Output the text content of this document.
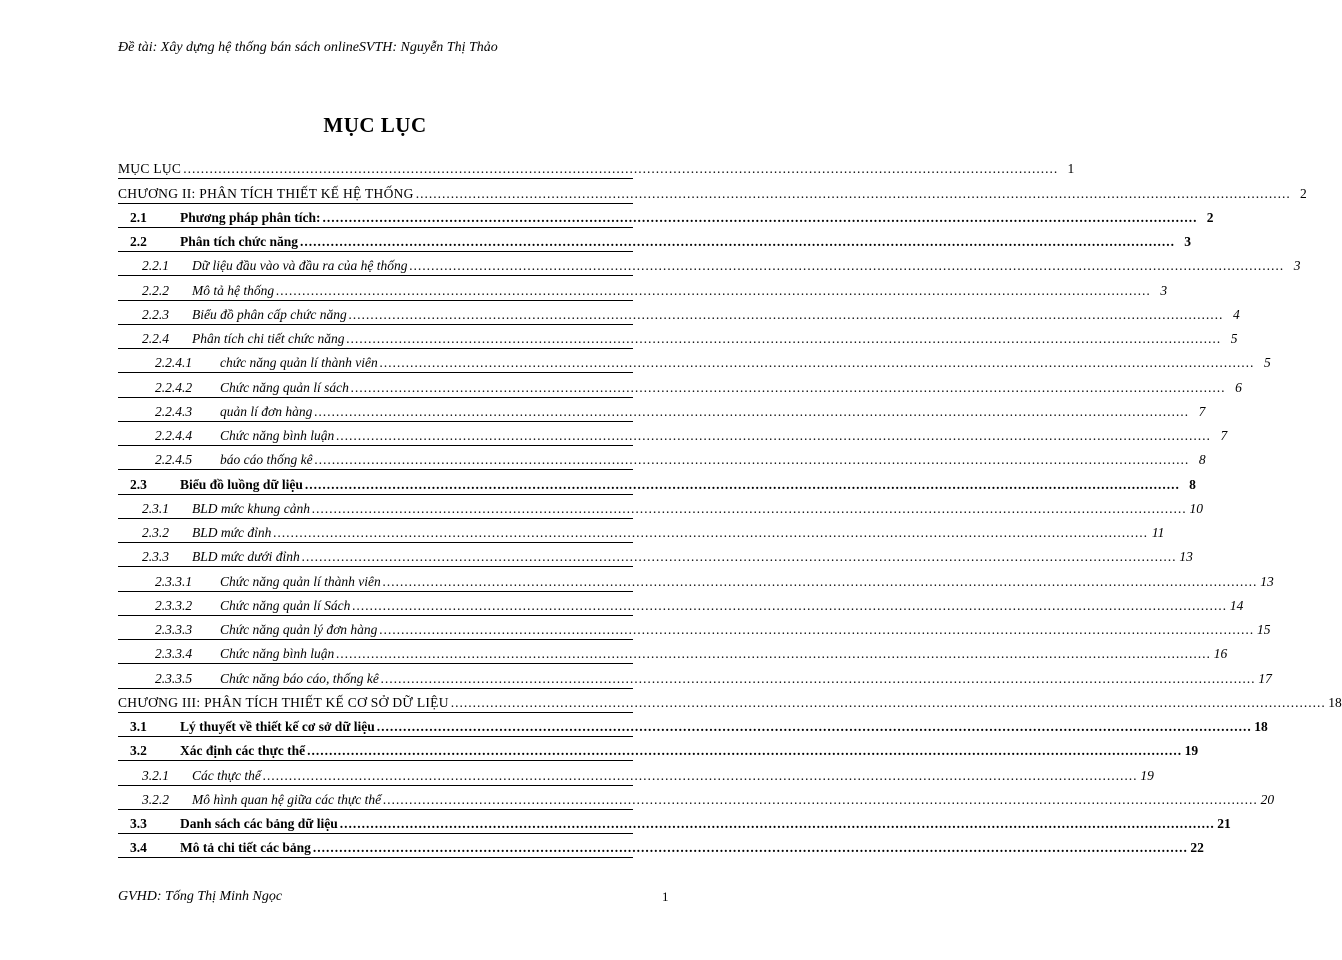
Đề tài: Xây dựng hệ thống bán sách onlineSVTH: Nguyễn Thị Thảo
MỤC LỤC
MỤC LỤC ........................................................................................................................................................................................................ 1
CHƯƠNG II: PHÂN TÍCH THIẾT KẾ HỆ THỐNG ........................................................................................................................................................................................................ 2
2.1	Phương pháp phân tích: ........................................................................................................................................................................................................ 2
2.2	Phân tích chức năng ........................................................................................................................................................................................................ 3
2.2.1	Dữ liệu đầu vào và đầu ra của hệ thống ........................................................................................................................................................................................................ 3
2.2.2	Mô tả hệ thống ........................................................................................................................................................................................................ 3
2.2.3	Biểu đồ phân cấp chức năng ........................................................................................................................................................................................................ 4
2.2.4	Phân tích chi tiết chức năng ........................................................................................................................................................................................................ 5
2.2.4.1	chức năng quản lí thành viên ........................................................................................................................................................................................................ 5
2.2.4.2	Chức năng quản lí sách ........................................................................................................................................................................................................ 6
2.2.4.3	quản lí đơn hàng ........................................................................................................................................................................................................ 7
2.2.4.4	Chức năng bình luận ........................................................................................................................................................................................................ 7
2.2.4.5	báo cáo thống kê ........................................................................................................................................................................................................ 8
2.3	Biểu đồ luồng dữ liệu ........................................................................................................................................................................................................ 8
2.3.1	BLD mức khung cảnh ........................................................................................................................................................................................................ 10
2.3.2	BLD mức đỉnh ........................................................................................................................................................................................................ 11
2.3.3	BLD mức dưới đỉnh ........................................................................................................................................................................................................ 13
2.3.3.1	Chức năng quản lí thành viên ........................................................................................................................................................................................................ 13
2.3.3.2	Chức năng quản lí Sách ........................................................................................................................................................................................................ 14
2.3.3.3	Chức năng quản lý đơn hàng ........................................................................................................................................................................................................ 15
2.3.3.4	Chức năng bình luận ........................................................................................................................................................................................................ 16
2.3.3.5	Chức năng báo cáo, thống kê ........................................................................................................................................................................................................ 17
CHƯƠNG III: PHÂN TÍCH THIẾT KẾ CƠ SỞ DỮ LIỆU ........................................................................................................................................................................................................ 18
3.1	Lý thuyết về thiết kế cơ sở dữ liệu ........................................................................................................................................................................................................ 18
3.2	Xác định các thực thể ........................................................................................................................................................................................................ 19
3.2.1	Các thực thể ........................................................................................................................................................................................................ 19
3.2.2	Mô hình quan hệ giữa các thực thể ........................................................................................................................................................................................................ 20
3.3	Danh sách các bảng dữ liệu ........................................................................................................................................................................................................ 21
3.4	Mô tả chi tiết các bảng ........................................................................................................................................................................................................ 22
GVHD: Tống Thị Minh Ngọc	1
